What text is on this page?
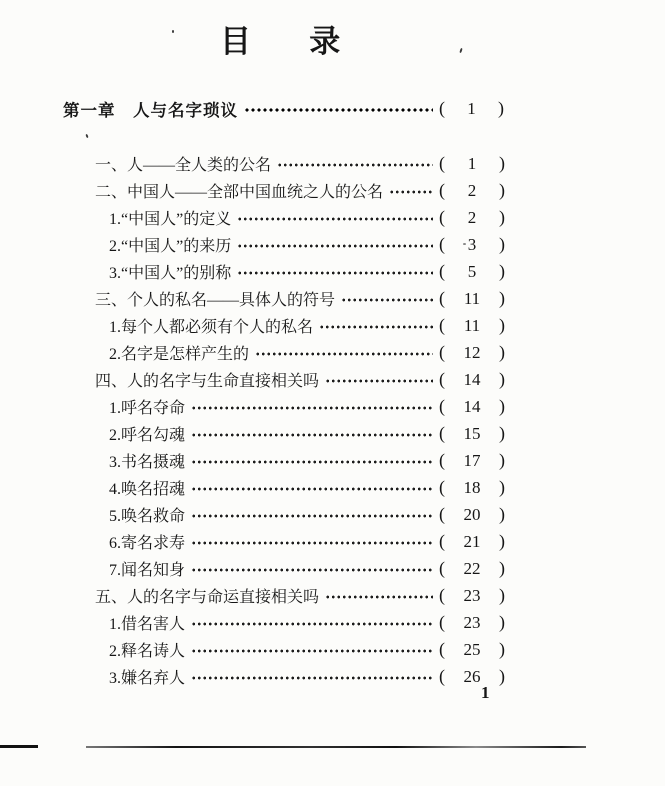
目 录
第一章　人与名字琐议	( 1 )
一、人——全人类的公名	( 1 )
二、中国人——全部中国血统之人的公名	( 2 )
1.“中国人”的定义	( 2 )
2.“中国人”的来历	( 3 )
3.“中国人”的别称	( 5 )
三、个人的私名——具体人的符号	( 11 )
1.每个人都必须有个人的私名	( 11 )
2.名字是怎样产生的	( 12 )
四、人的名字与生命直接相关吗	( 14 )
1.呼名夺命	( 14 )
2.呼名勾魂	( 15 )
3.书名摄魂	( 17 )
4.唤名招魂	( 18 )
5.唤名救命	( 20 )
6.寄名求寿	( 21 )
7.闻名知身	( 22 )
五、人的名字与命运直接相关吗	( 23 )
1.借名害人	( 23 )
2.释名诪人	( 25 )
3.嫌名弃人	( 26 )
1
